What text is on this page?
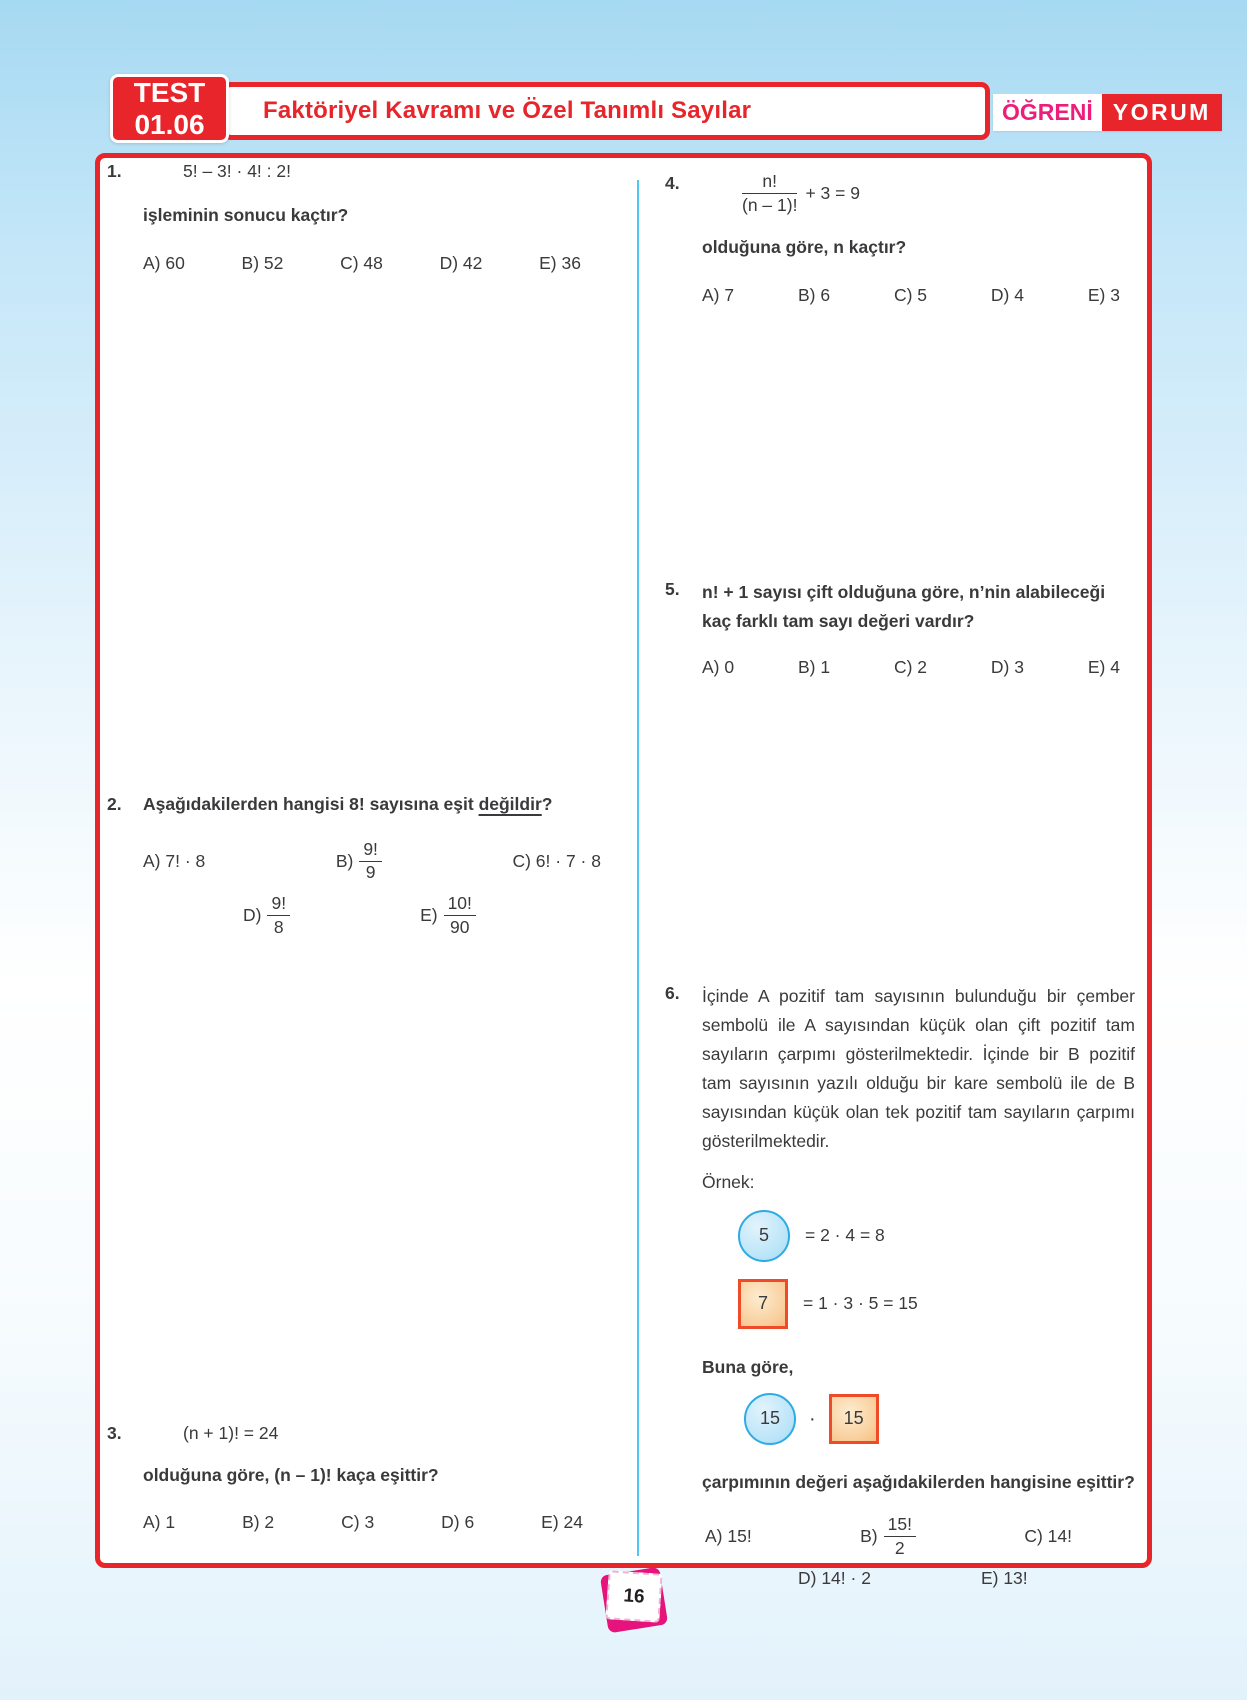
Faktöriyel Kavramı ve Özel Tanımlı Sayılar
TEST
01.06	ÖĞRENİ YORUM
1.	5! – 3! · 4! : 2!
işleminin sonucu kaçtır?
A) 60	B) 52	C) 48	D) 42	E) 36
2. Aşağıdakilerden hangisi 8! sayısına eşit değildir?
A) 7! · 8	$B) \frac{9!}{9}$	C) 6! · 7 · 8
$D) \frac{9!}{8}$	$E) \frac{10!}{90}$
3.	(n + 1)! = 24
olduğuna göre, (n – 1)! kaça eşittir?
A) 1	B) 2	C) 3	D) 6	E) 24
4.	$\frac{n!}{(n - 1)!} + 3 = 9$
olduğuna göre, n kaçtır?
A) 7	B) 6	C) 5	D) 4	E) 3
5. n! + 1 sayısı çift olduğuna göre, n’nin alabileceği kaç farklı tam sayı değeri vardır?
A) 0	B) 1	C) 2	D) 3	E) 4
6. İçinde A pozitif tam sayısının bulunduğu bir çember sembolü ile A sayısından küçük olan çift pozitif tam sayıların çarpımı gösterilmektedir. İçinde bir B pozitif tam sayısının yazılı olduğu bir kare sembolü ile de B sayısından küçük olan tek pozitif tam sayıların çarpımı gösterilmektedir.
Örnek:
5 = 2 · 4 = 8
7 = 1 · 3 · 5 = 15
Buna göre,
15 · 15
çarpımının değeri aşağıdakilerden hangisine eşittir?
A) 15!	$B) \frac{15!}{2}$	C) 14!
D) 14! · 2	E) 13!
16
